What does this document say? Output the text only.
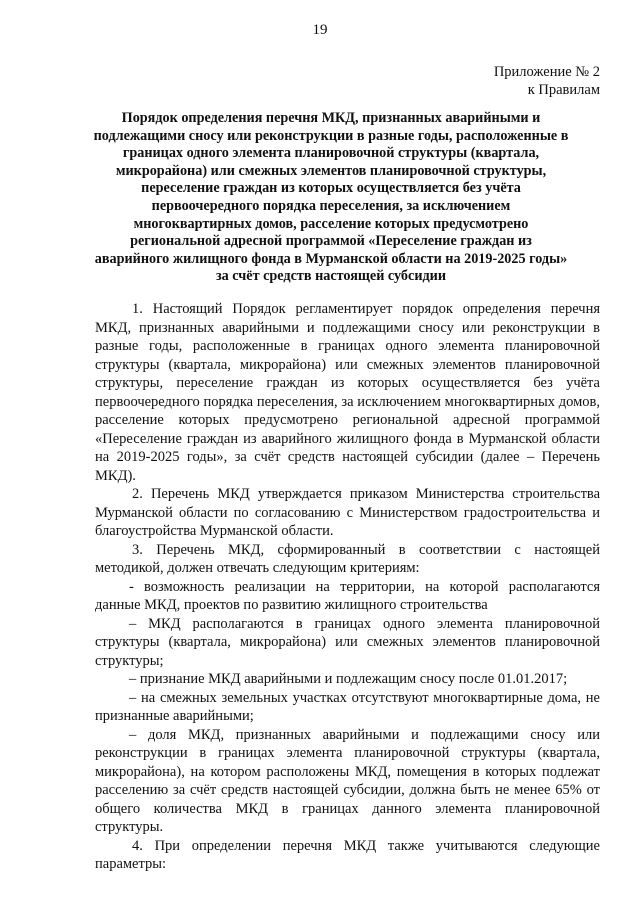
19
Приложение № 2
к Правилам
Порядок определения перечня МКД, признанных аварийными и подлежащими сносу или реконструкции в разные годы, расположенные в границах одного элемента планировочной структуры (квартала, микрорайона) или смежных элементов планировочной структуры, переселение граждан из которых осуществляется без учёта первоочередного порядка переселения, за исключением многоквартирных домов, расселение которых предусмотрено региональной адресной программой «Переселение граждан из аварийного жилищного фонда в Мурманской области на 2019-2025 годы» за счёт средств настоящей субсидии

1. Настоящий Порядок регламентирует порядок определения перечня МКД, признанных аварийными и подлежащими сносу или реконструкции в разные годы, расположенные в границах одного элемента планировочной структуры (квартала, микрорайона) или смежных элементов планировочной структуры, переселение граждан из которых осуществляется без учёта первоочередного порядка переселения, за исключением многоквартирных домов, расселение которых предусмотрено региональной адресной программой «Переселение граждан из аварийного жилищного фонда в Мурманской области на 2019-2025 годы», за счёт средств настоящей субсидии (далее – Перечень МКД).

2. Перечень МКД утверждается приказом Министерства строительства Мурманской области по согласованию с Министерством градостроительства и благоустройства Мурманской области.

3. Перечень МКД, сформированный в соответствии с настоящей методикой, должен отвечать следующим критериям:

- возможность реализации на территории, на которой располагаются данные МКД, проектов по развитию жилищного строительства

– МКД располагаются в границах одного элемента планировочной структуры (квартала, микрорайона) или смежных элементов планировочной структуры;

– признание МКД аварийными и подлежащим сносу после 01.01.2017;

– на смежных земельных участках отсутствуют многоквартирные дома, не признанные аварийными;

– доля МКД, признанных аварийными и подлежащими сносу или реконструкции в границах элемента планировочной структуры (квартала, микрорайона), на котором расположены МКД, помещения в которых подлежат расселению за счёт средств настоящей субсидии, должна быть не менее 65% от общего количества МКД в границах данного элемента планировочной структуры.

4. При определении перечня МКД также учитываются следующие параметры:
